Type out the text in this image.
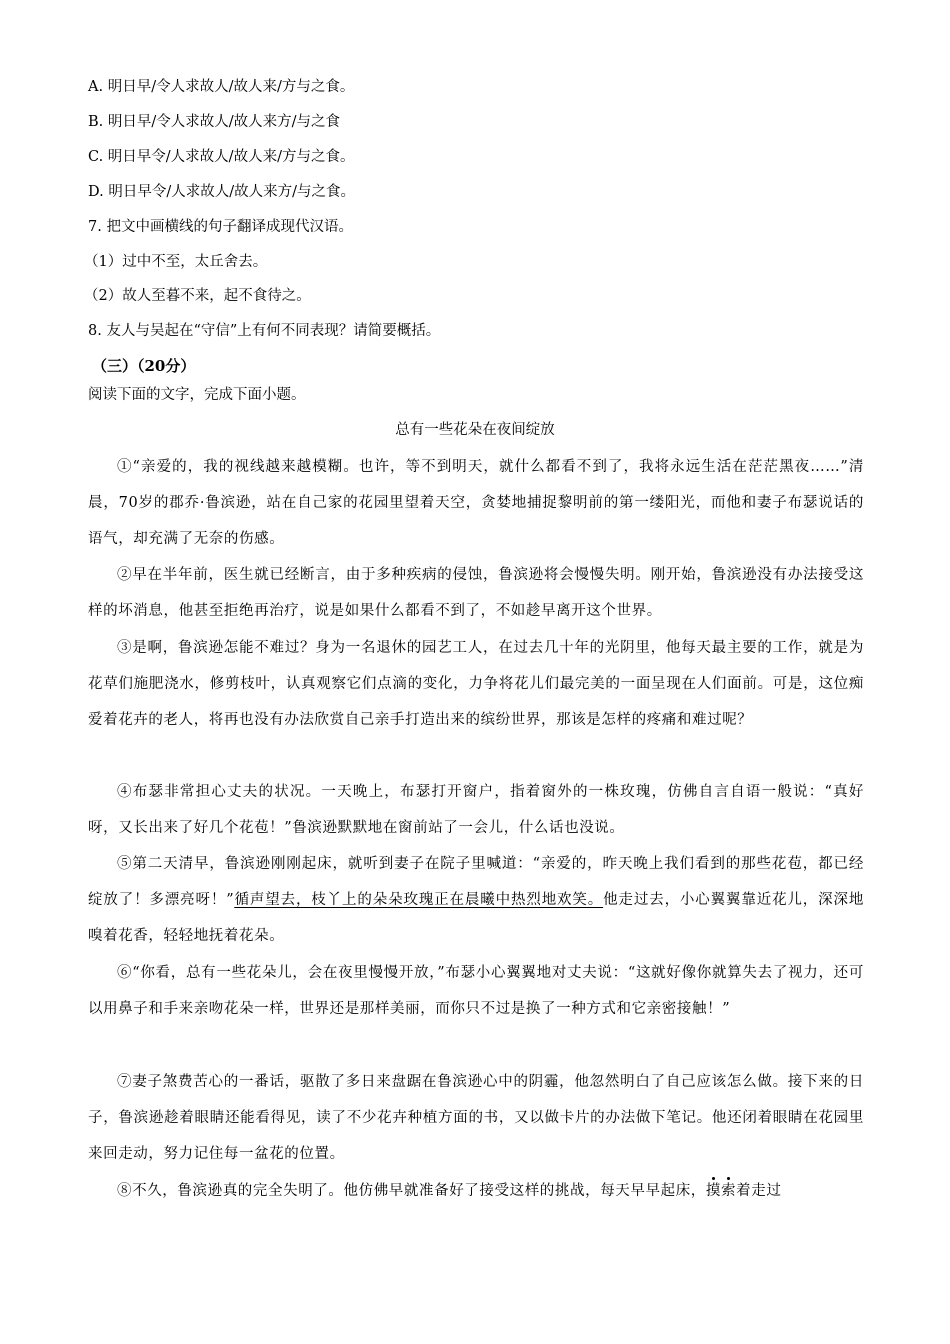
A. 明日早/令人求故人/故人来/方与之食。
B. 明日早/令人求故人/故人来方/与之食
C. 明日早令/人求故人/故人来/方与之食。
D. 明日早令/人求故人/故人来方/与之食。
7. 把文中画横线的句子翻译成现代汉语。
（1）过中不至，太丘舍去。
（2）故人至暮不来，起不食待之。
8. 友人与吴起在“守信”上有何不同表现？请简要概括。
（三）（20分）
阅读下面的文字，完成下面小题。
总有一些花朵在夜间绽放
①“亲爱的，我的视线越来越模糊。也许，等不到明天，就什么都看不到了，我将永远生活在茫茫黑夜……”清晨，70岁的郡乔·鲁滨逊，站在自己家的花园里望着天空，贪婪地捕捉黎明前的第一缕阳光，而他和妻子布瑟说话的语气，却充满了无奈的伤感。
②早在半年前，医生就已经断言，由于多种疾病的侵蚀，鲁滨逊将会慢慢失明。刚开始，鲁滨逊没有办法接受这样的坏消息，他甚至拒绝再治疗，说是如果什么都看不到了，不如趁早离开这个世界。
③是啊，鲁滨逊怎能不难过？身为一名退休的园艺工人，在过去几十年的光阴里，他每天最主要的工作，就是为花草们施肥浇水，修剪枝叶，认真观察它们点滴的变化，力争将花儿们最完美的一面呈现在人们面前。可是，这位痴爱着花卉的老人，将再也没有办法欣赏自己亲手打造出来的缤纷世界，那该是怎样的疼痛和难过呢？
④布瑟非常担心丈夫的状况。一天晚上，布瑟打开窗户，指着窗外的一株玫瑰，仿佛自言自语一般说：“真好呀，又长出来了好几个花苞！”鲁滨逊默默地在窗前站了一会儿，什么话也没说。
⑤第二天清早，鲁滨逊刚刚起床，就听到妻子在院子里喊道：“亲爱的，昨天晚上我们看到的那些花苞，都已经绽放了！多漂亮呀！”循声望去，枝丫上的朵朵玫瑰正在晨曦中热烈地欢笑。他走过去，小心翼翼靠近花儿，深深地嗅着花香，轻轻地抚着花朵。
⑥“你看，总有一些花朵儿，会在夜里慢慢开放，”布瑟小心翼翼地对丈夫说：“这就好像你就算失去了视力，还可以用鼻子和手来亲吻花朵一样，世界还是那样美丽，而你只不过是换了一种方式和它亲密接触！”
⑦妻子煞费苦心的一番话，驱散了多日来盘踞在鲁滨逊心中的阴霾，他忽然明白了自己应该怎么做。接下来的日子，鲁滨逊趁着眼睛还能看得见，读了不少花卉种植方面的书，又以做卡片的办法做下笔记。他还闭着眼睛在花园里来回走动，努力记住每一盆花的位置。
⑧不久，鲁滨逊真的完全失明了。他仿佛早就准备好了接受这样的挑战，每天早早起床，摸索着走过
